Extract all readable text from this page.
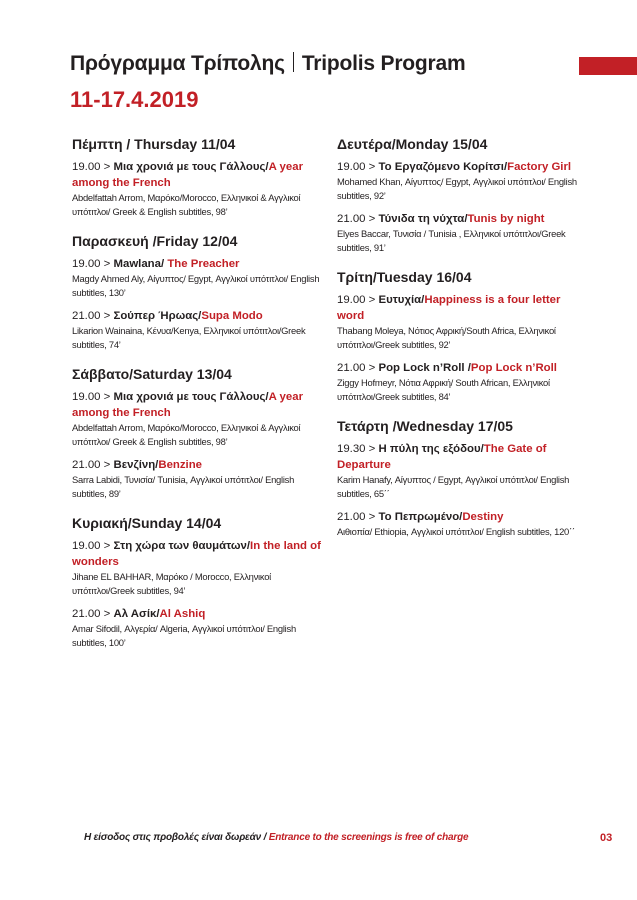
Πρόγραμμα Τρίπολης Tripolis Program
11-17.4.2019
Πέμπτη / Thursday 11/04
19.00 > Μια χρονιά με τους Γάλλους/A year among the French
Abdelfattah Arrom, Μαρόκο/Morocco, Ελληνικοί & Αγγλικοί υπότιτλοι/ Greek & English subtitles, 98’
Παρασκευή /Friday 12/04
19.00 > Mawlana/ The Preacher
Magdy Ahmed Aly, Αίγυπτος/ Egypt, Αγγλικοί υπότιτλοι/ English subtitles, 130’
21.00 > Σούπερ Ήρωας/Supa Modo
Likarion Wainaina, Κένυα/Kenya, Ελληνικοί υπότιτλοι/Greek subtitles, 74’
Σάββατο/Saturday 13/04
19.00 > Μια χρονιά με τους Γάλλους/A year among the French
Abdelfattah Arrom, Μαρόκο/Morocco, Ελληνικοί & Αγγλικοί υπότιτλοι/ Greek & English subtitles, 98’
21.00 > Βενζίνη/Benzine
Sarra Labidi, Τυνισία/ Tunisia, Αγγλικοί υπότιτλοι/ English subtitles, 89’
Κυριακή/Sunday 14/04
19.00 > Στη χώρα των θαυμάτων/In the land of wonders
Jihane EL BAHHAR, Μαρόκο / Morocco, Ελληνικοί υπότιτλοι/Greek subtitles, 94’
21.00 > Αλ Ασίκ/Al Ashiq
Amar Sifodil, Αλγερία/ Algeria, Αγγλικοί υπότιτλοι/ English subtitles, 100’
Δευτέρα/Monday 15/04
19.00 > Το Εργαζόμενο Κορίτσι/Factory Girl
Mohamed Khan, Αίγυπτος/ Egypt, Αγγλικοί υπότιτλοι/ English subtitles, 92’
21.00 > Τύνιδα τη νύχτα/Tunis by night
Elyes Baccar, Τυνισία / Tunisia , Ελληνικοί υπότιτλοι/Greek subtitles, 91’
Τρίτη/Tuesday 16/04
19.00 > Ευτυχία/Happiness is a four letter word
Thabang Moleya, Νότιος Αφρική/South Africa, Ελληνικοί υπότιτλοι/Greek subtitles, 92’
21.00 > Pop Lock n’Roll /Pop Lock n’Roll
Ziggy Hofmeyr, Νότια Αφρική/ South African, Ελληνικοί υπότιτλοι/Greek subtitles, 84’
Τετάρτη /Wednesday 17/05
19.30 > Η πύλη της εξόδου/The Gate of Departure
Karim Hanafy, Αίγυπτος / Egypt, Αγγλικοί υπότιτλοι/ English subtitles, 65΄΄
21.00 > Το Πεπρωμένο/Destiny
Αιθιοπία/ Ethiopia, Αγγλικοί υπότιτλοι/ English subtitles, 120΄΄
Η είσοδος στις προβολές είναι δωρεάν / Entrance to the screenings is free of charge	03
